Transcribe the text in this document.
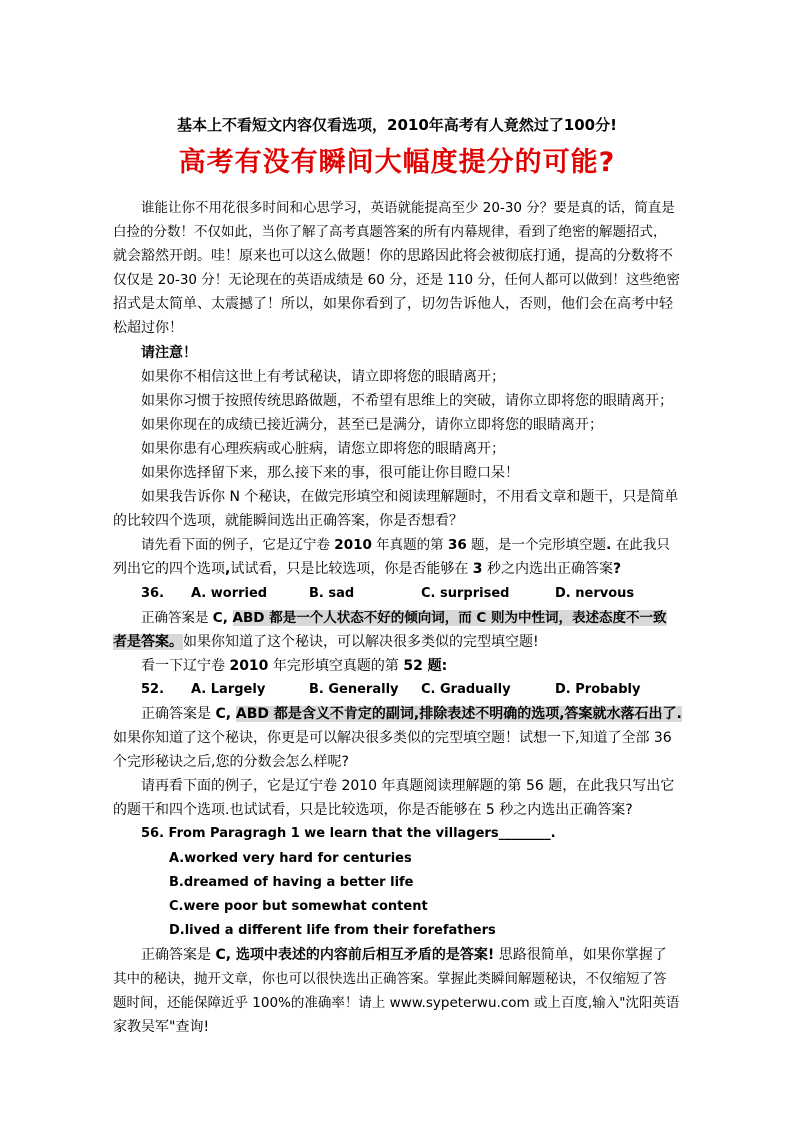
基本上不看短文内容仅看选项，2010年高考有人竟然过了100分!
高考有没有瞬间大幅度提分的可能?

谁能让你不用花很多时间和心思学习，英语就能提高至少 20-30 分？要是真的话，简直是

白捡的分数！不仅如此，当你了解了高考真题答案的所有内幕规律，看到了绝密的解题招式，

就会豁然开朗。哇！原来也可以这么做题！你的思路因此将会被彻底打通，提高的分数将不

仅仅是 20-30 分！无论现在的英语成绩是 60 分，还是 110 分，任何人都可以做到！这些绝密

招式是太简单、太震撼了！所以，如果你看到了，切勿告诉他人，否则，他们会在高考中轻

松超过你！

请注意！

如果你不相信这世上有考试秘诀，请立即将您的眼睛离开；

如果你习惯于按照传统思路做题，不希望有思维上的突破，请你立即将您的眼睛离开；

如果你现在的成绩已接近满分，甚至已是满分，请你立即将您的眼睛离开；

如果你患有心理疾病或心脏病，请您立即将您的眼睛离开；

如果你选择留下来，那么接下来的事，很可能让你目瞪口呆！

如果我告诉你 N 个秘诀，在做完形填空和阅读理解题时，不用看文章和题干，只是简单

的比较四个选项，就能瞬间选出正确答案，你是否想看？

请先看下面的例子，它是辽宁卷 2010 年真题的第 36 题，是一个完形填空题. 在此我只

列出它的四个选项,试试看，只是比较选项，你是否能够在 3 秒之内选出正确答案?

36. A. worried	B. sad	C. surprised	D. nervous

正确答案是 C, ABD 都是一个人状态不好的倾向词，而 C 则为中性词，表述态度不一致

者是答案。如果你知道了这个秘诀，可以解决很多类似的完型填空题!

看一下辽宁卷 2010 年完形填空真题的第 52 题:

52. A. Largely	B. Generally C. Gradually	D. Probably

正确答案是 C, ABD 都是含义不肯定的副词,排除表述不明确的选项,答案就水落石出了.

如果你知道了这个秘诀，你更是可以解决很多类似的完型填空题！试想一下,知道了全部 36

个完形秘诀之后,您的分数会怎么样呢?

请再看下面的例子，它是辽宁卷 2010 年真题阅读理解题的第 56 题，在此我只写出它

的题干和四个选项.也试试看，只是比较选项，你是否能够在 5 秒之内选出正确答案?

56. From Paragragh 1 we learn that the villagers________.

A.worked very hard for centuries

B.dreamed of having a better life

C.were poor but somewhat content

D.lived a different life from their forefathers

正确答案是 C, 选项中表述的内容前后相互矛盾的是答案! 思路很简单，如果你掌握了

其中的秘诀，抛开文章，你也可以很快选出正确答案。掌握此类瞬间解题秘诀，不仅缩短了答

题时间，还能保障近乎 100%的准确率！请上 www.sypeterwu.com 或上百度,输入"沈阳英语

家教吴军"查询!
